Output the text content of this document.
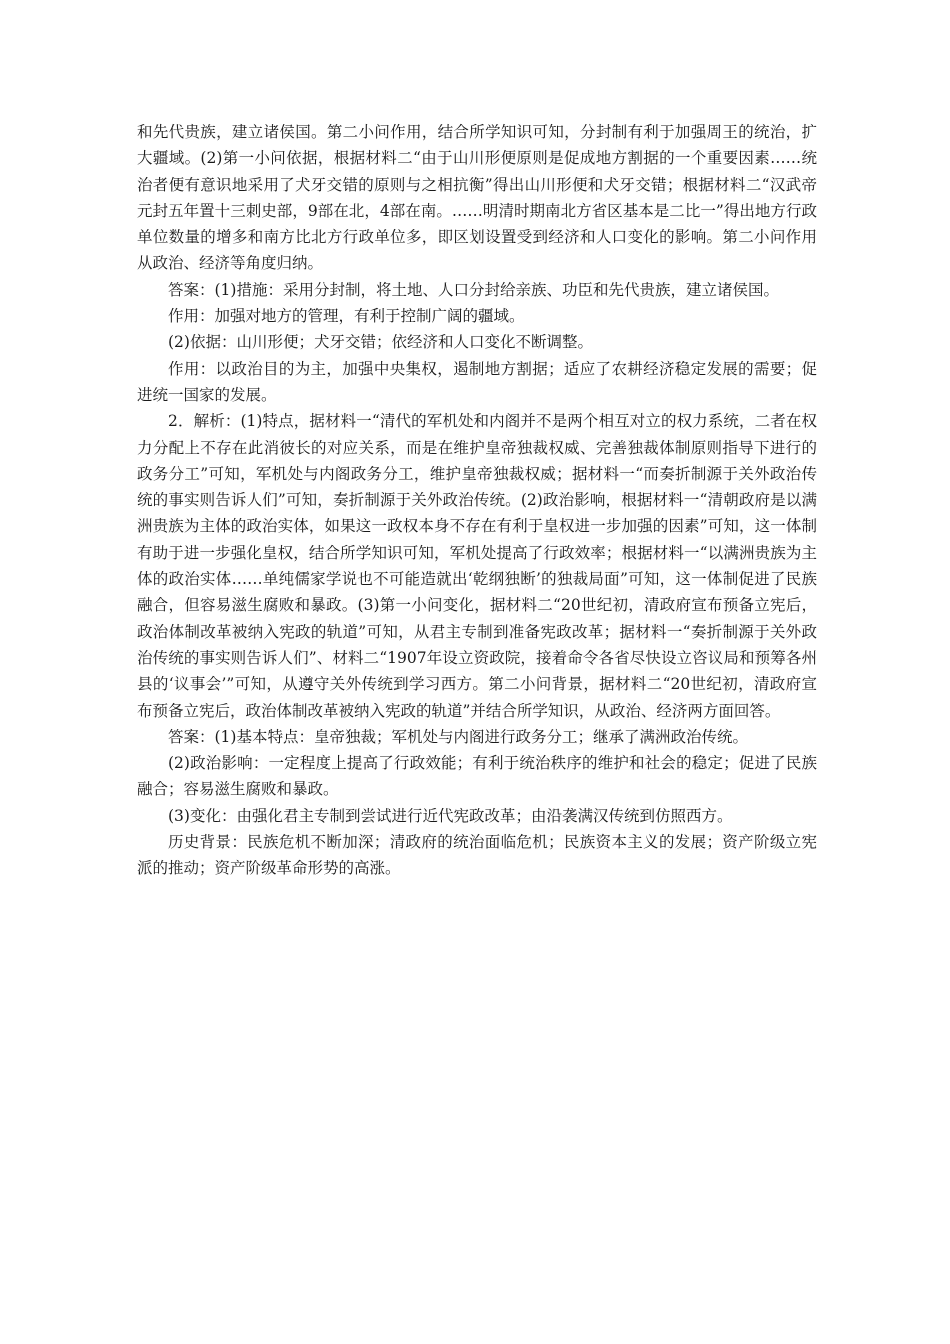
和先代贵族，建立诸侯国。第二小问作用，结合所学知识可知，分封制有利于加强周王的统治，扩大疆域。(2)第一小问依据，根据材料二“由于山川形便原则是促成地方割据的一个重要因素……统治者便有意识地采用了犬牙交错的原则与之相抗衡”得出山川形便和犬牙交错；根据材料二“汉武帝元封五年置十三刺史部，9部在北，4部在南。……明清时期南北方省区基本是二比一”得出地方行政单位数量的增多和南方比北方行政单位多，即区划设置受到经济和人口变化的影响。第二小问作用从政治、经济等角度归纳。

答案：(1)措施：采用分封制，将土地、人口分封给亲族、功臣和先代贵族，建立诸侯国。

作用：加强对地方的管理，有利于控制广阔的疆域。

(2)依据：山川形便；犬牙交错；依经济和人口变化不断调整。

作用：以政治目的为主，加强中央集权，遏制地方割据；适应了农耕经济稳定发展的需要；促进统一国家的发展。

2．解析：(1)特点，据材料一“清代的军机处和内阁并不是两个相互对立的权力系统，二者在权力分配上不存在此消彼长的对应关系，而是在维护皇帝独裁权威、完善独裁体制原则指导下进行的政务分工”可知，军机处与内阁政务分工，维护皇帝独裁权威；据材料一“而奏折制源于关外政治传统的事实则告诉人们”可知，奏折制源于关外政治传统。(2)政治影响，根据材料一“清朝政府是以满洲贵族为主体的政治实体，如果这一政权本身不存在有利于皇权进一步加强的因素”可知，这一体制有助于进一步强化皇权，结合所学知识可知，军机处提高了行政效率；根据材料一“以满洲贵族为主体的政治实体……单纯儒家学说也不可能造就出‘乾纲独断’的独裁局面”可知，这一体制促进了民族融合，但容易滋生腐败和暴政。(3)第一小问变化，据材料二“20世纪初，清政府宣布预备立宪后，政治体制改革被纳入宪政的轨道”可知，从君主专制到准备宪政改革；据材料一“奏折制源于关外政治传统的事实则告诉人们”、材料二“1907年设立资政院，接着命令各省尽快设立咨议局和预筹各州县的‘议事会’”可知，从遵守关外传统到学习西方。第二小问背景，据材料二“20世纪初，清政府宣布预备立宪后，政治体制改革被纳入宪政的轨道”并结合所学知识，从政治、经济两方面回答。

答案：(1)基本特点：皇帝独裁；军机处与内阁进行政务分工；继承了满洲政治传统。

(2)政治影响：一定程度上提高了行政效能；有利于统治秩序的维护和社会的稳定；促进了民族融合；容易滋生腐败和暴政。

(3)变化：由强化君主专制到尝试进行近代宪政改革；由沿袭满汉传统到仿照西方。

历史背景：民族危机不断加深；清政府的统治面临危机；民族资本主义的发展；资产阶级立宪派的推动；资产阶级革命形势的高涨。
